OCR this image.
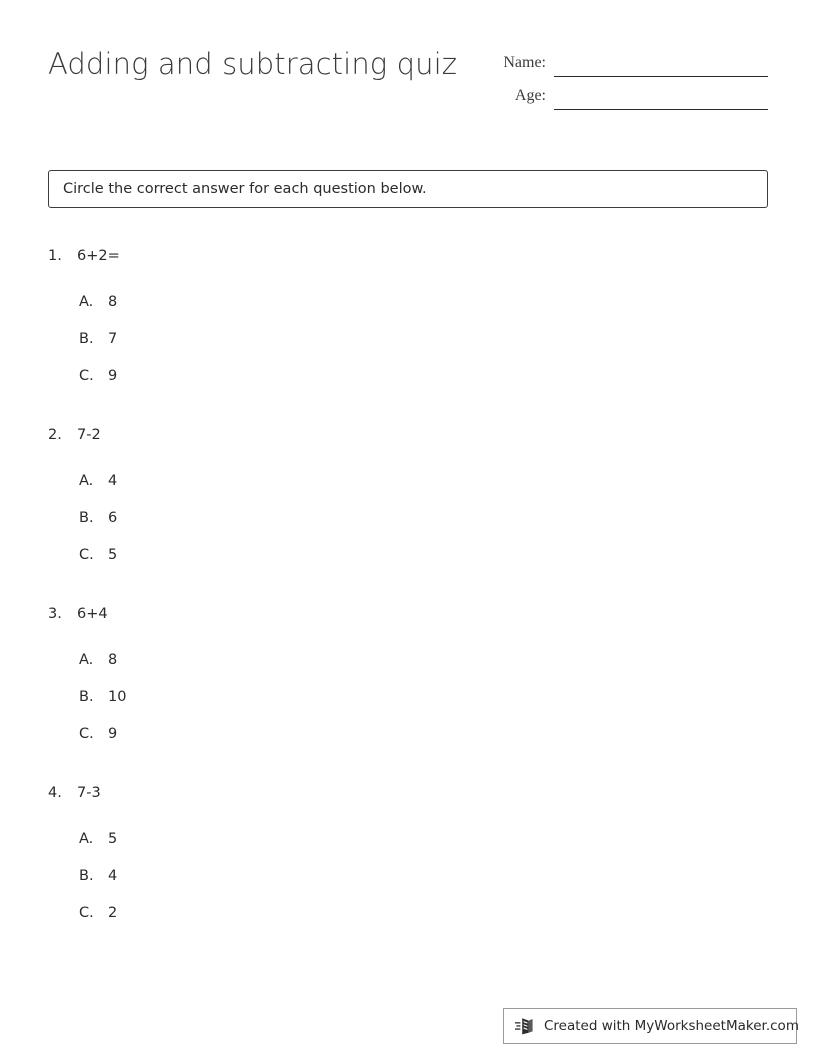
Adding and subtracting quiz	Name:
Age:
Circle the correct answer for each question below.
1.	6+2=
A.	8
B. 7
C. 9
2.	7-2
A.	4
B. 6
C. 5
3.	6+4
A.	8
B. 10
C. 9
4.	7-3
A.	5
B. 4
C. 2
Created with MyWorksheetMaker.com
